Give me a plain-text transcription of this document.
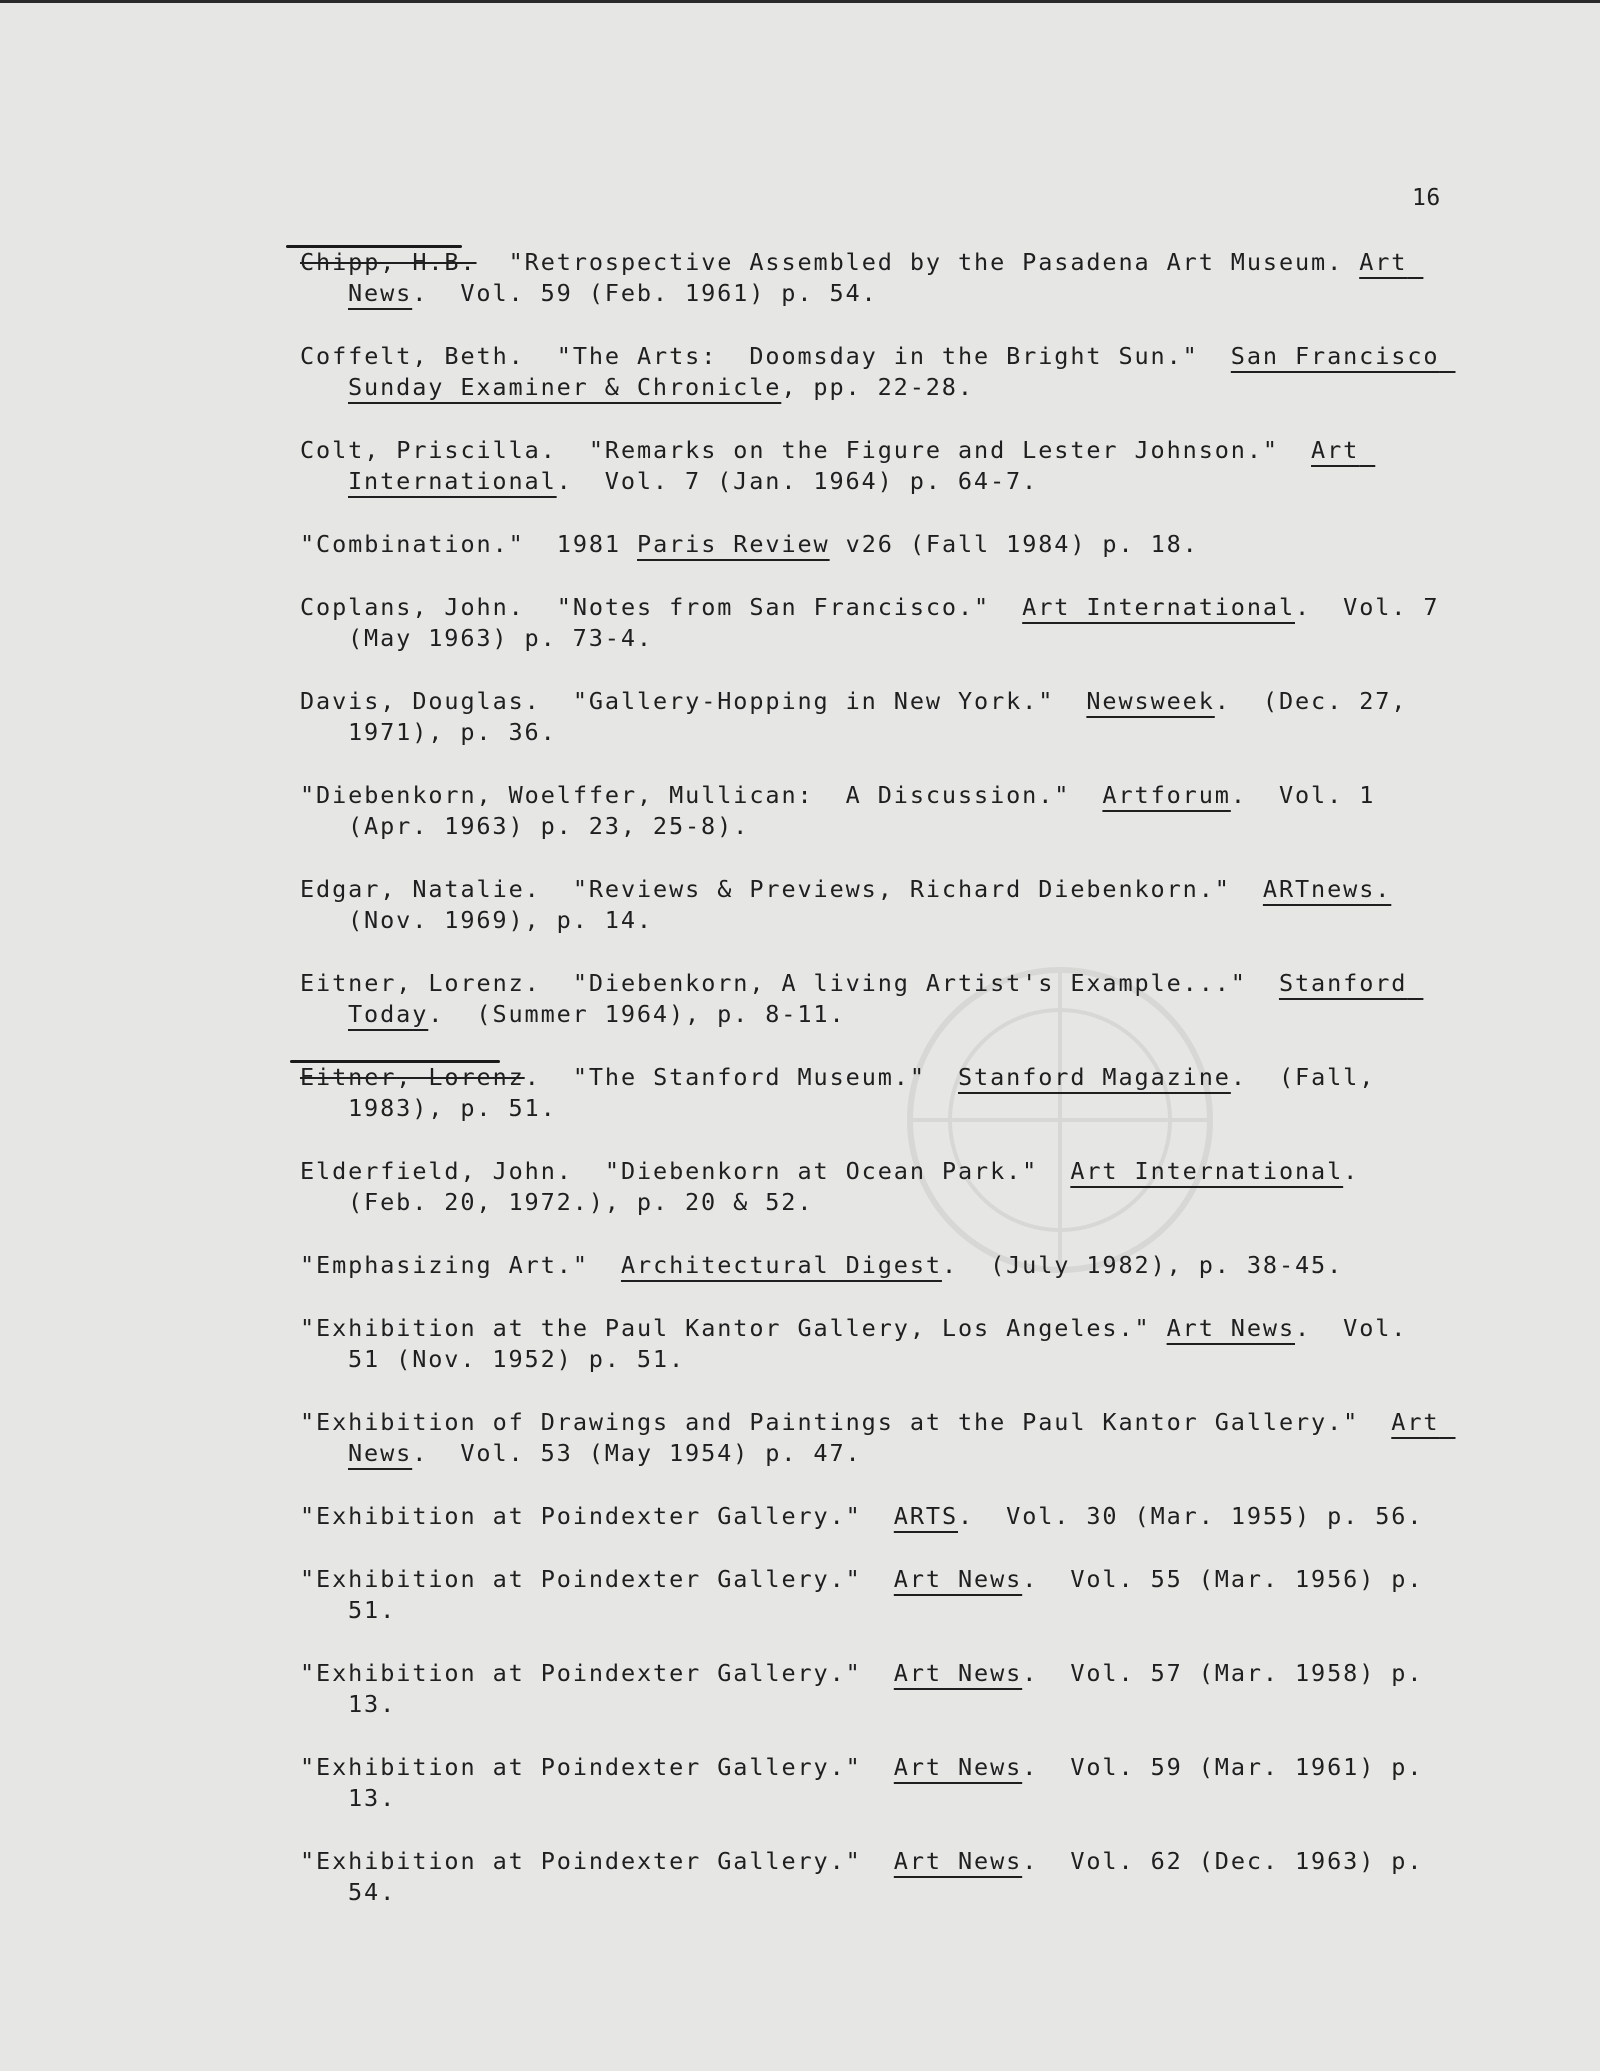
16
Chipp, H.B.  "Retrospective Assembled by the Pasadena Art Museum. Art News.  Vol. 59 (Feb. 1961) p. 54.
Coffelt, Beth.  "The Arts:  Doomsday in the Bright Sun."  San Francisco Sunday Examiner & Chronicle, pp. 22-28.
Colt, Priscilla.  "Remarks on the Figure and Lester Johnson."  Art International.  Vol. 7 (Jan. 1964) p. 64-7.
"Combination."  1981 Paris Review v26 (Fall 1984) p. 18.
Coplans, John.  "Notes from San Francisco."  Art International.  Vol. 7 (May 1963) p. 73-4.
Davis, Douglas.  "Gallery-Hopping in New York."  Newsweek.  (Dec. 27, 1971), p. 36.
"Diebenkorn, Woelffer, Mullican:  A Discussion."  Artforum.  Vol. 1 (Apr. 1963) p. 23, 25-8).
Edgar, Natalie.  "Reviews & Previews, Richard Diebenkorn."  ARTnews. (Nov. 1969), p. 14.
Eitner, Lorenz.  "Diebenkorn, A living Artist's Example..."  Stanford Today.  (Summer 1964), p. 8-11.
Eitner, Lorenz.  "The Stanford Museum."  Stanford Magazine.  (Fall, 1983), p. 51.
Elderfield, John.  "Diebenkorn at Ocean Park."  Art International.  (Feb. 20, 1972.), p. 20 & 52.
"Emphasizing Art."  Architectural Digest.  (July 1982), p. 38-45.
"Exhibition at the Paul Kantor Gallery, Los Angeles." Art News.  Vol. 51 (Nov. 1952) p. 51.
"Exhibition of Drawings and Paintings at the Paul Kantor Gallery."  Art News.  Vol. 53 (May 1954) p. 47.
"Exhibition at Poindexter Gallery."  ARTS.  Vol. 30 (Mar. 1955) p. 56.
"Exhibition at Poindexter Gallery."  Art News.  Vol. 55 (Mar. 1956) p. 51.
"Exhibition at Poindexter Gallery."  Art News.  Vol. 57 (Mar. 1958) p. 13.
"Exhibition at Poindexter Gallery."  Art News.  Vol. 59 (Mar. 1961) p. 13.
"Exhibition at Poindexter Gallery."  Art News.  Vol. 62 (Dec. 1963) p. 54.
